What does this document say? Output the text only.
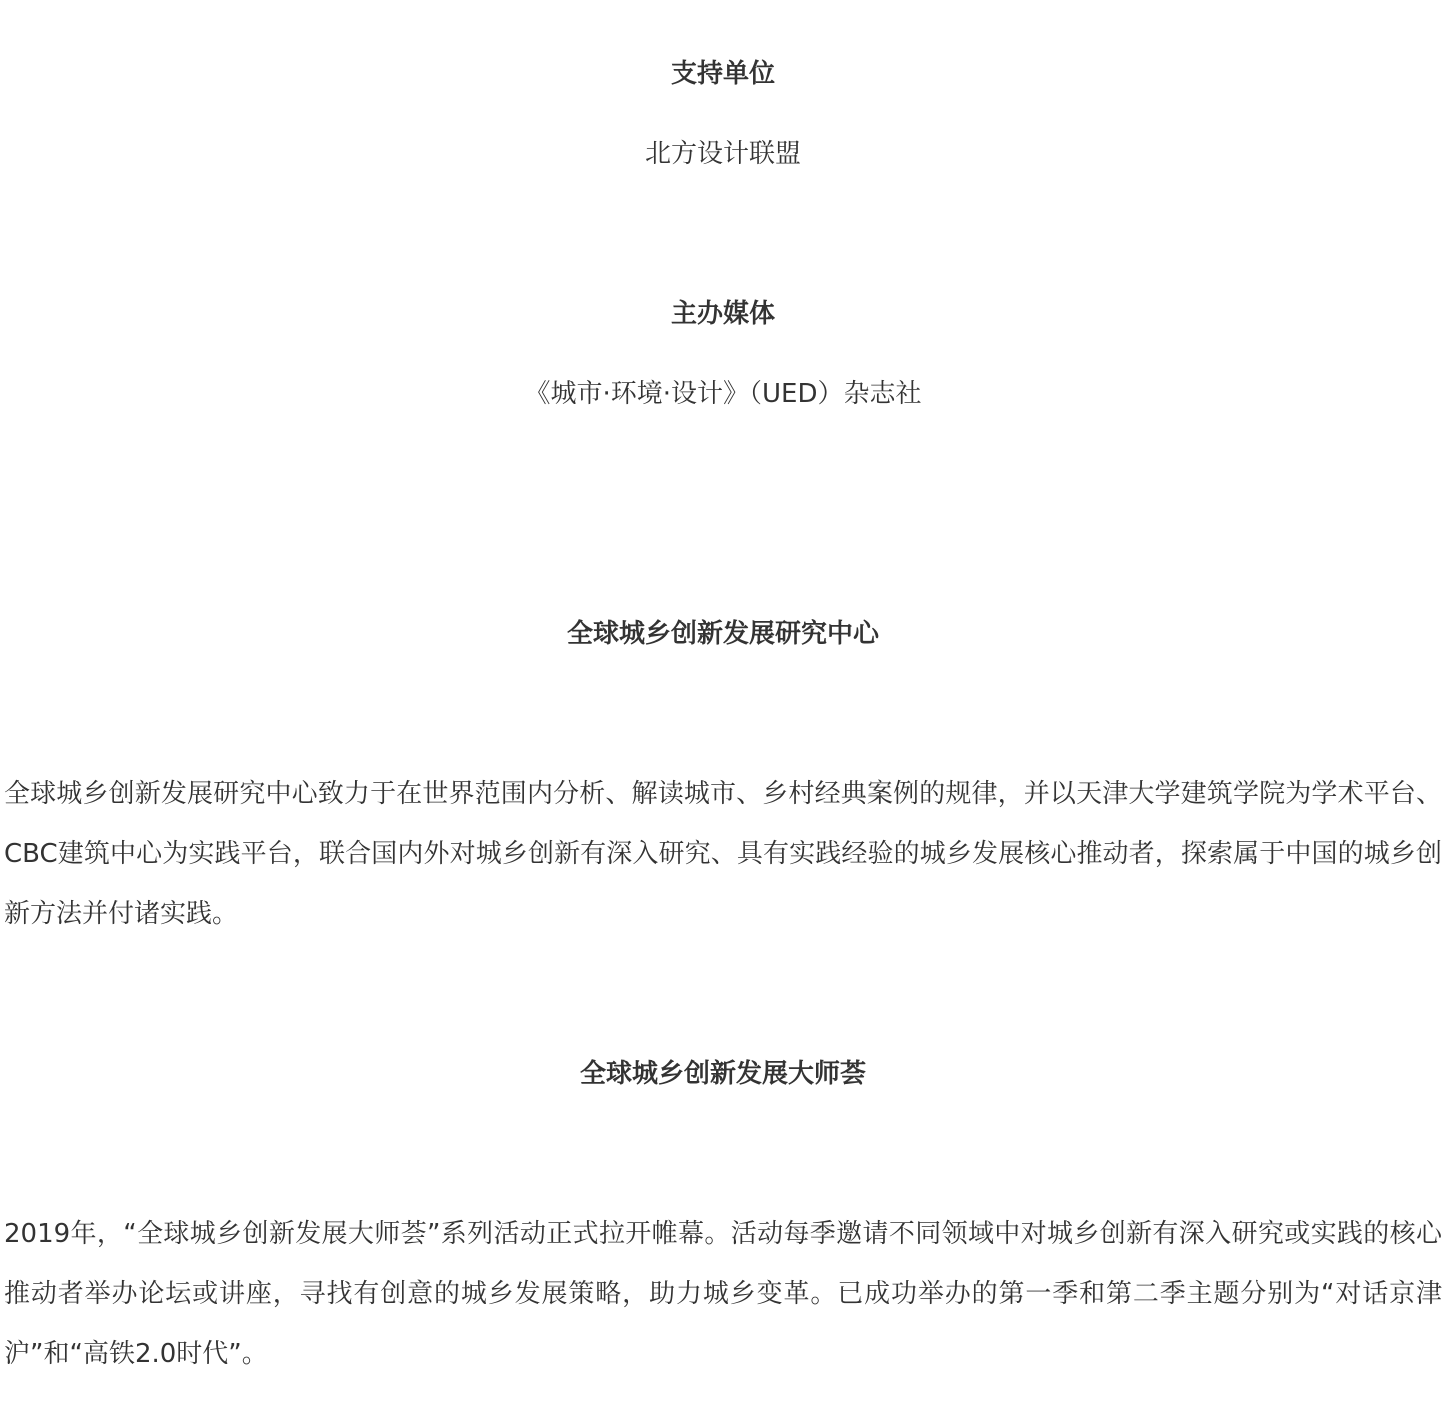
支持单位
北方设计联盟
主办媒体
《城市·环境·设计》（UED）杂志社
全球城乡创新发展研究中心

全球城乡创新发展研究中心致力于在世界范围内分析、解读城市、乡村经典案例的规律，并以天津大学建筑学院为学术平台、CBC建筑中心为实践平台，联合国内外对城乡创新有深入研究、具有实践经验的城乡发展核心推动者，探索属于中国的城乡创新方法并付诸实践。

全球城乡创新发展大师荟

2019年，“全球城乡创新发展大师荟”系列活动正式拉开帷幕。活动每季邀请不同领域中对城乡创新有深入研究或实践的核心推动者举办论坛或讲座，寻找有创意的城乡发展策略，助力城乡变革。已成功举办的第一季和第二季主题分别为“对话京津沪”和“高铁2.0时代”。
